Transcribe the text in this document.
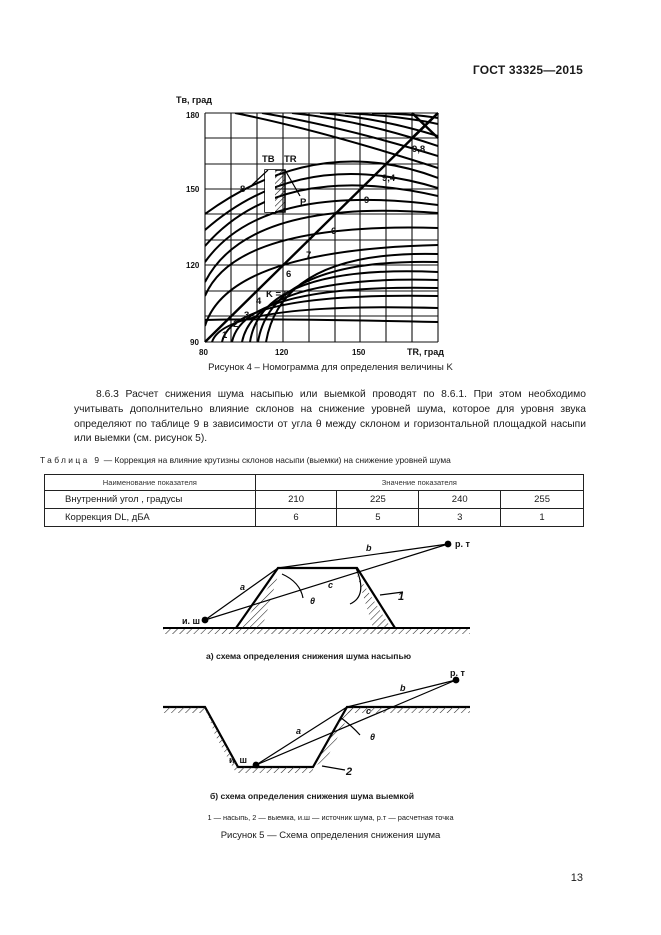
ГОСТ 33325—2015
Tв, град
TR, град
180
150
120
90
80	120	150
TB TR
P
9,8
9,4
9
8
7
6
6
K = 5
4
3
2
1
Рисунок 4 – Номограмма для определения величины K
8.6.3 Расчет снижения шума насыпью или выемкой проводят по 8.6.1. При этом необходимо учитывать дополнительно влияние склонов на снижение уровней шума, которое для уровня звука определяют по таблице 9 в зависимости от угла θ между склоном и горизонтальной площадкой насыпи или выемки (см. рисунок 5).
Таблица 9 — Коррекция на влияние крутизны склонов насыпи (выемки) на снижение уровней шума
Наименование показателя	Значение показателя			
Внутренний угол , градусы	210	225	240	255
Коррекция DL, дБА	6	5	3	1
b	р. т
a	c
θ	1
и. ш
а) схема определения снижения шума насыпью
р. т
b
c
a
θ
и. ш
2
б) схема определения снижения шума выемкой
1 — насыпь, 2 — выемка, и.ш — источник шума, р.т — расчетная точка
Рисунок 5 — Схема определения снижения шума
13
